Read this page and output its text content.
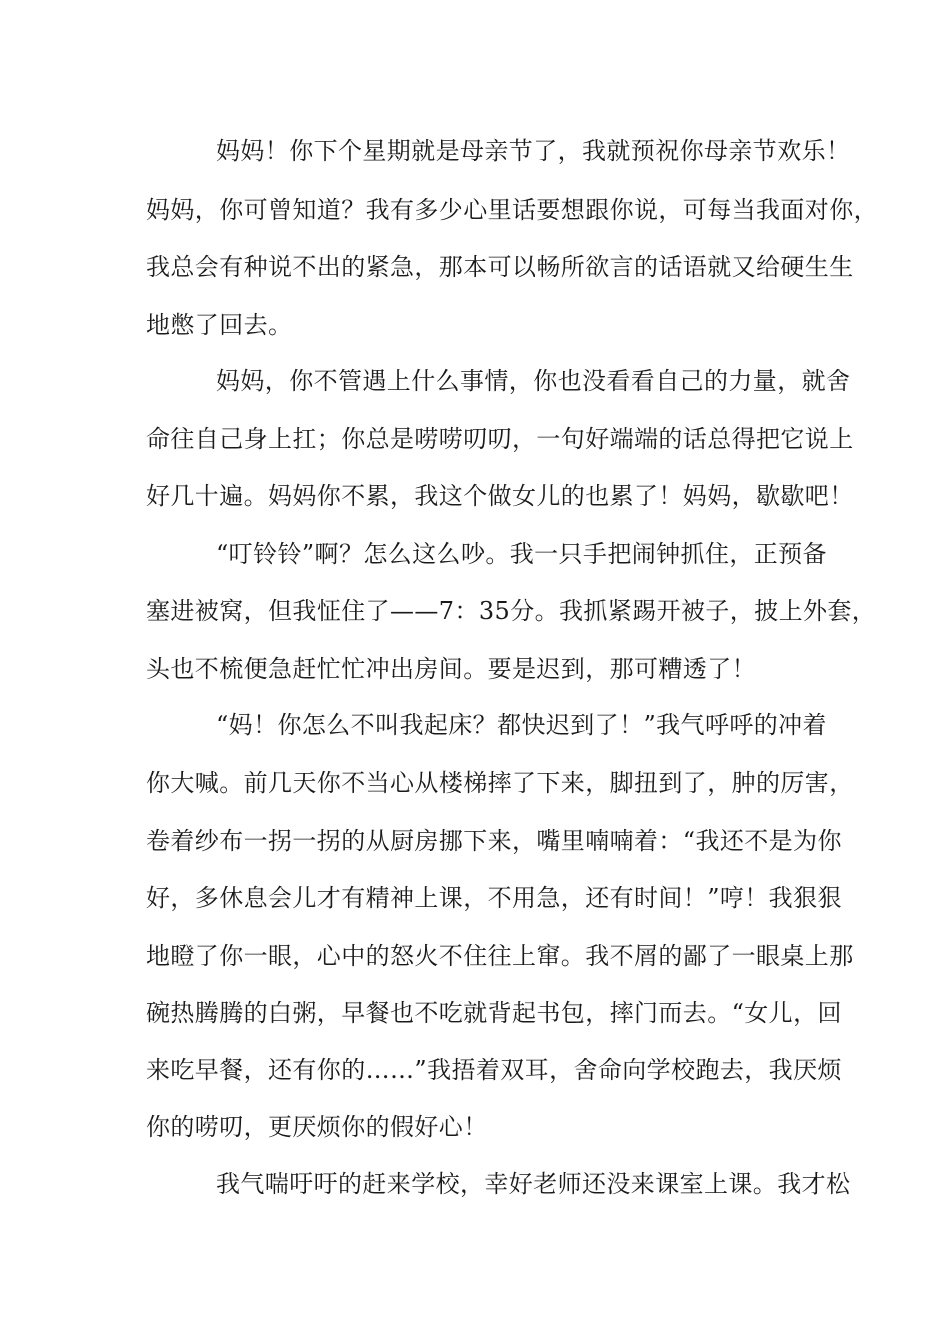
妈妈！你下个星期就是母亲节了，我就预祝你母亲节欢乐！
妈妈，你可曾知道？我有多少心里话要想跟你说，可每当我面对你，
我总会有种说不出的紧急，那本可以畅所欲言的话语就又给硬生生
地憋了回去。
妈妈，你不管遇上什么事情，你也没看看自己的力量，就舍
命往自己身上扛；你总是唠唠叨叨，一句好端端的话总得把它说上
好几十遍。妈妈你不累，我这个做女儿的也累了！妈妈，歇歇吧！
“叮铃铃”啊？怎么这么吵。我一只手把闹钟抓住，正预备
塞进被窝，但我怔住了——7：35分。我抓紧踢开被子，披上外套，
头也不梳便急赶忙忙冲出房间。要是迟到，那可糟透了！
“妈！你怎么不叫我起床？都快迟到了！”我气呼呼的冲着
你大喊。前几天你不当心从楼梯摔了下来，脚扭到了，肿的厉害，
卷着纱布一拐一拐的从厨房挪下来，嘴里喃喃着：“我还不是为你
好，多休息会儿才有精神上课，不用急，还有时间！”哼！我狠狠
地瞪了你一眼，心中的怒火不住往上窜。我不屑的鄙了一眼桌上那
碗热腾腾的白粥，早餐也不吃就背起书包，摔门而去。“女儿，回
来吃早餐，还有你的……”我捂着双耳，舍命向学校跑去，我厌烦
你的唠叨，更厌烦你的假好心！
我气喘吁吁的赶来学校，幸好老师还没来课室上课。我才松
